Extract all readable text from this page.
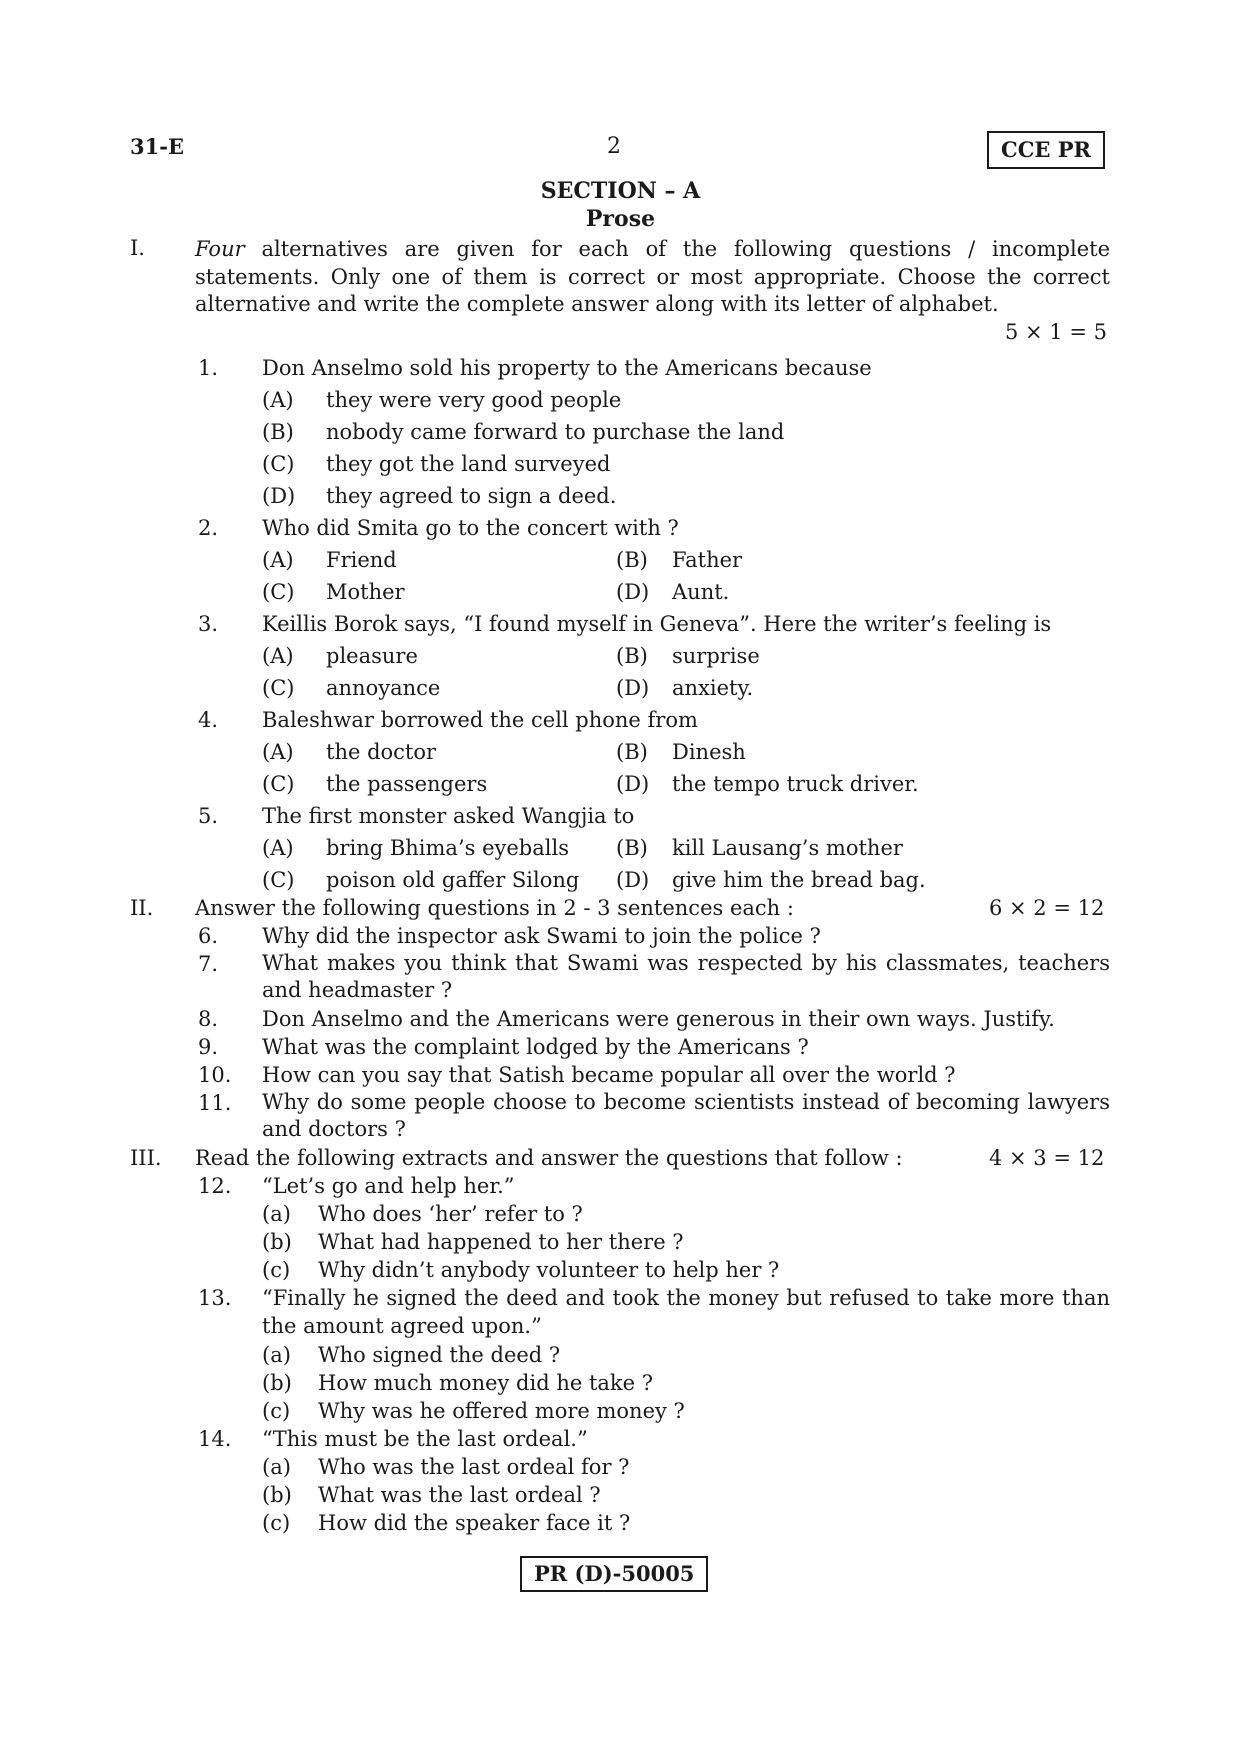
31-E	2	CCE PR
SECTION – A
Prose
I. Four alternatives are given for each of the following questions / incomplete statements. Only one of them is correct or most appropriate. Choose the correct alternative and write the complete answer along with its letter of alphabet.
5 × 1 = 5
1. Don Anselmo sold his property to the Americans because
(A) they were very good people
(B) nobody came forward to purchase the land
(C) they got the land surveyed
(D) they agreed to sign a deed.
2. Who did Smita go to the concert with ?
(A) Friend	(B) Father
(C) Mother	(D) Aunt.
3. Keillis Borok says, “I found myself in Geneva”. Here the writer’s feeling is
(A) pleasure	(B) surprise
(C) annoyance	(D) anxiety.
4. Baleshwar borrowed the cell phone from
(A) the doctor	(B) Dinesh
(C) the passengers	(D) the tempo truck driver.
5. The first monster asked Wangjia to
(A) bring Bhima’s eyeballs (B) kill Lausang’s mother
(C) poison old gaffer Silong (D) give him the bread bag.
II. Answer the following questions in 2 - 3 sentences each :	6 × 2 = 12
6. Why did the inspector ask Swami to join the police ?
7. What makes you think that Swami was respected by his classmates, teachers and headmaster ?
8. Don Anselmo and the Americans were generous in their own ways. Justify.
9. What was the complaint lodged by the Americans ?
10. How can you say that Satish became popular all over the world ?
11. Why do some people choose to become scientists instead of becoming lawyers and doctors ?
III. Read the following extracts and answer the questions that follow :	4 × 3 = 12
12. “Let’s go and help her.”
(a) Who does ‘her’ refer to ?
(b) What had happened to her there ?
(c) Why didn’t anybody volunteer to help her ?
13. “Finally he signed the deed and took the money but refused to take more than the amount agreed upon.”
(a) Who signed the deed ?
(b) How much money did he take ?
(c) Why was he offered more money ?
14. “This must be the last ordeal.”
(a) Who was the last ordeal for ?
(b) What was the last ordeal ?
(c) How did the speaker face it ?
PR (D)-50005
